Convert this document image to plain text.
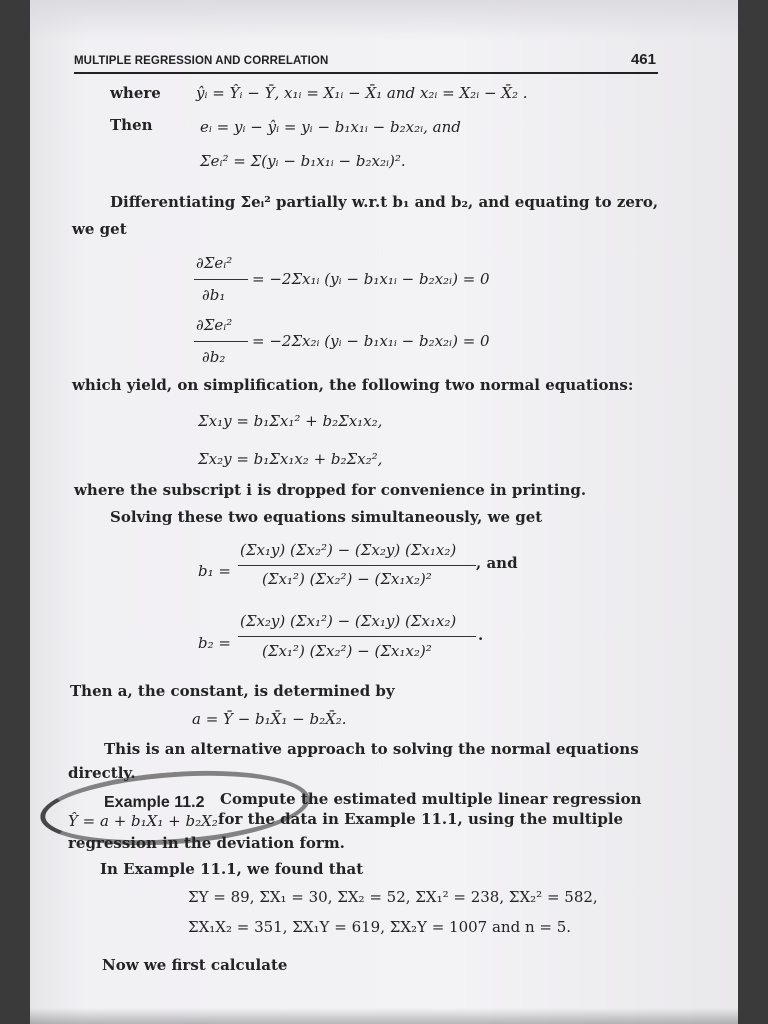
MULTIPLE REGRESSION AND CORRELATION	461
where ŷᵢ = Ŷᵢ − Ȳ, x₁ᵢ = X₁ᵢ − X̄₁ and x₂ᵢ = X₂ᵢ − X̄₂ .
Then	eᵢ = yᵢ − ŷᵢ = yᵢ − b₁x₁ᵢ − b₂x₂ᵢ, and
Σeᵢ² = Σ(yᵢ − b₁x₁ᵢ − b₂x₂ᵢ)².
Differentiating Σeᵢ² partially w.r.t b₁ and b₂, and equating to zero,
we get
∂Σeᵢ²
∂b₁
= −2Σx₁ᵢ (yᵢ − b₁x₁ᵢ − b₂x₂ᵢ) = 0
∂Σeᵢ²
∂b₂
= −2Σx₂ᵢ (yᵢ − b₁x₁ᵢ − b₂x₂ᵢ) = 0
which yield, on simplification, the following two normal equations:
Σx₁y = b₁Σx₁² + b₂Σx₁x₂,
Σx₂y = b₁Σx₁x₂ + b₂Σx₂²,
where the subscript i is dropped for convenience in printing.
Solving these two equations simultaneously, we get
b₁ =
(Σx₁y) (Σx₂²) − (Σx₂y) (Σx₁x₂)
(Σx₁²) (Σx₂²) − (Σx₁x₂)²
, and
b₂ =
(Σx₂y) (Σx₁²) − (Σx₁y) (Σx₁x₂)
(Σx₁²) (Σx₂²) − (Σx₁x₂)²
.
Then a, the constant, is determined by
a = Ȳ − b₁X̄₁ − b₂X̄₂.
This is an alternative approach to solving the normal equations
directly.
Example 11.2 Compute the estimated multiple linear regression
Ŷ = a + b₁X₁ + b₂X₂ for the data in Example 11.1, using the multiple
regression in the deviation form.
In Example 11.1, we found that
ΣY = 89, ΣX₁ = 30, ΣX₂ = 52, ΣX₁² = 238, ΣX₂² = 582,
ΣX₁X₂ = 351, ΣX₁Y = 619, ΣX₂Y = 1007 and n = 5.
Now we first calculate
